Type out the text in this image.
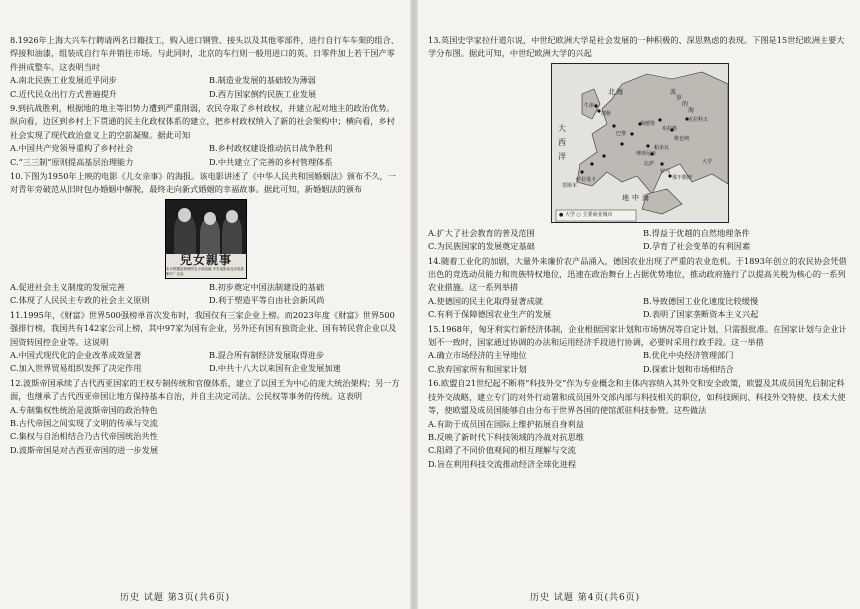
8.1926年上海大兴车行聘请两名日籍技工，购入进口钢管、接头以及其他零部件，进行自行车车架的组合、焊接和油漆，组装成自行车并销往市场。与此同时，北京的车行则一般用进口的英、日零件加上若干国产零件拼成整车。这表明当时
A.南北民族工业发展近乎同步	B.制造业发展的基础较为薄弱
C.近代民众出行方式普遍提升	D.西方国家倒约民族工业发展
9.到抗战胜利，根据地的地主等旧势力遭到严重削弱，农民夺取了乡村政权，并建立起对地主的政治优势。纵向看，边区到乡村上下贯通的民主化政权体系的建立，把乡村政权纳入了新的社会架构中；横向看，乡村社会实现了现代政治意义上的空前凝聚。据此可知
A.中国共产党领导重构了乡村社会	B.乡村政权建设推动抗日战争胜利
C.“三三制”原则提高基层治理能力	D.中共建立了完善的乡村管理体系
10.下图为1950年上映的电影《儿女亲事》的海报。该电影讲述了《中华人民共和国婚姻法》颁布不久，一对青年旁破范从旧时包办婚姻中解脱，最终走向新式婚姻的幸福故事。据此可知，新婚姻法的颁布
兒女親事
本片根据赵树理同名小说改编 中央电影局北京电影制片厂出品
A.促进社会主义制度的发展完善	B.初步奠定中国法制建设的基础
C.体现了人民民主专政的社会主义原则	D.利于塑造平等自由社会新风尚
11.1995年，《财富》世界500强榜单首次发布时，我国仅有三家企业上榜。而2023年度《财富》世界500强排行榜，我国共有142家公司上榜，其中97家为国有企业，另外还有国有独资企业、国有转民营企业以及国资转国控企业等。这说明
A.中国式现代化的企业改革成效显著	B.混合所有制经济发展取得进步
C.加入世界贸易组织发挥了决定作用	D.中共十八大以来国有企业发展加速
12.波斯帝国承续了古代西亚国家的王权专制传统和官僚体系，建立了以国王为中心的庞大统治架构；另一方面，也继承了古代西亚帝国让地方保持基本自治，并自主决定司法、公民权等事务的传统。这表明
A.专制集权性统治是波斯帝国的政治特色
B.古代帝国之间实现了文明的传承与交流
C.集权与自治相结合乃古代帝国统治共性
D.波斯帝国是对古西亚帝国的进一步发展
历史 试题 第3页(共6页)
13.英国史学家拉什道尔说，中世纪欧洲大学是社会发展的一种积极的、深思熟虑的表现。下图是15世纪欧洲主要大学分布图。据此可知，中世纪欧洲大学的兴起
大
西
洋
北 海	波
罗
的
海
地 中 海
布拉格
维也纳
牛津
剑桥
巴黎
博洛尼亚
萨拉曼卡
帕多瓦
那不勒斯
里斯本
克拉科夫
比萨
罗马
海德堡
大学
● 大学 ○ 主要商业城市
A.扩大了社会教育的普及范围	B.得益于优越的自然地理条件
C.为民族国家的发展奠定基础	D.孕育了社会变革的有利因素
14.随着工业化的加剧，大量外来廉价农产品涌入，德国农业出现了严重的农业危机。于1893年创立的农民协会凭借出色的竞选动员能力和贵族特权地位，迅速在政治舞台上占据优势地位，推动政府施行了以提高关税为核心的一系列农业措施。这一系列举措
A.使德国的民主化取得显著成就	B.导致德国工业化速度比较缓慢
C.有利于保障德国农业生产的发展	D.表明了国家垄断资本主义兴起
15.1968年，匈牙利实行新经济体制，企业根据国家计划和市场情况等自定计划，只需报批准。在国家计划与企业计划不一致时，国家通过协调的办法和运用经济手段进行协调，必要时采用行政手段。这一举措
A.确立市场经济的主导地位	B.优化中央经济管理部门
C.放弃国家所有和国家计划	D.探索计划和市场相结合
16.欧盟自21世纪起不断将“科技外交”作为专业概念和主体内容纳入其外交和安全政策，欧盟及其成员国先后制定科技外交战略，建立专门的对外行动署和成员国外交部内部与科技相关的职位，如科技顾问、科技外交特使、技术大使等，使欧盟及成员国能够自由分布于世界各国的使馆派驻科技参赞。这些做法
A.有助于成员国在国际上维护拓展自身利益
B.反映了新时代下科技领域的冷战对抗思维
C.阻碍了不同价值观间的相互理解与交流
D.旨在利用科技交流推动经济全球化进程
历史 试题 第4页(共6页)
